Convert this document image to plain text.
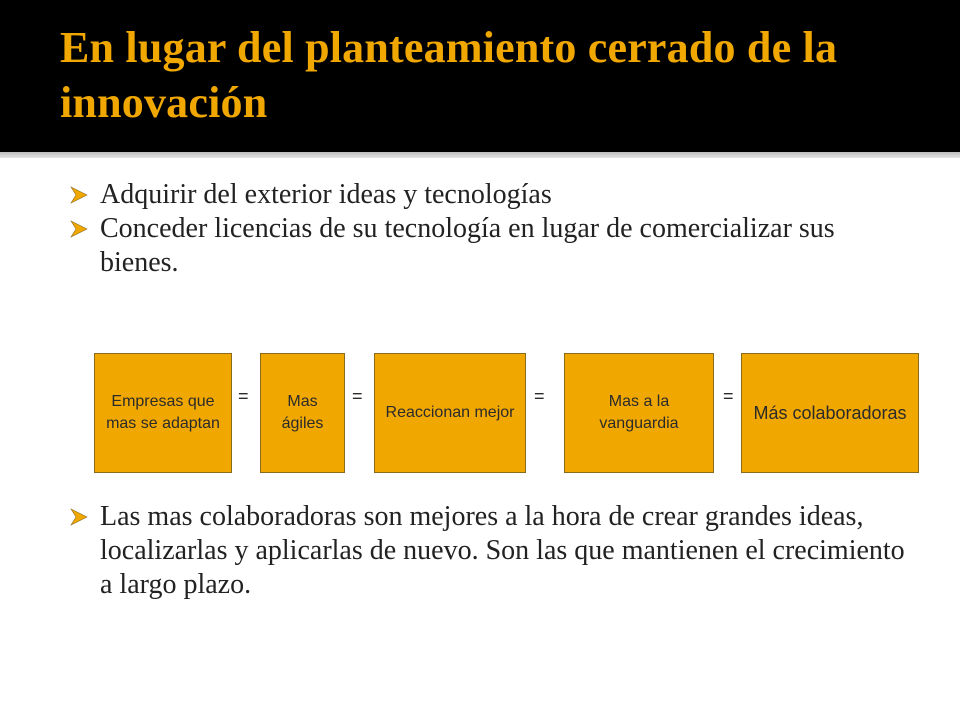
En lugar del planteamiento cerrado de la innovación
Adquirir del exterior ideas y tecnologías
Conceder licencias de su tecnología en lugar de comercializar sus bienes.
Empresas que mas se adaptan
=	Mas ágiles
=
Reaccionan mejor
=	Mas a la vanguardia
=
Más colaboradoras
Las mas colaboradoras son mejores a la hora de crear grandes ideas, localizarlas y aplicarlas de nuevo. Son las que mantienen el crecimiento a largo plazo.
